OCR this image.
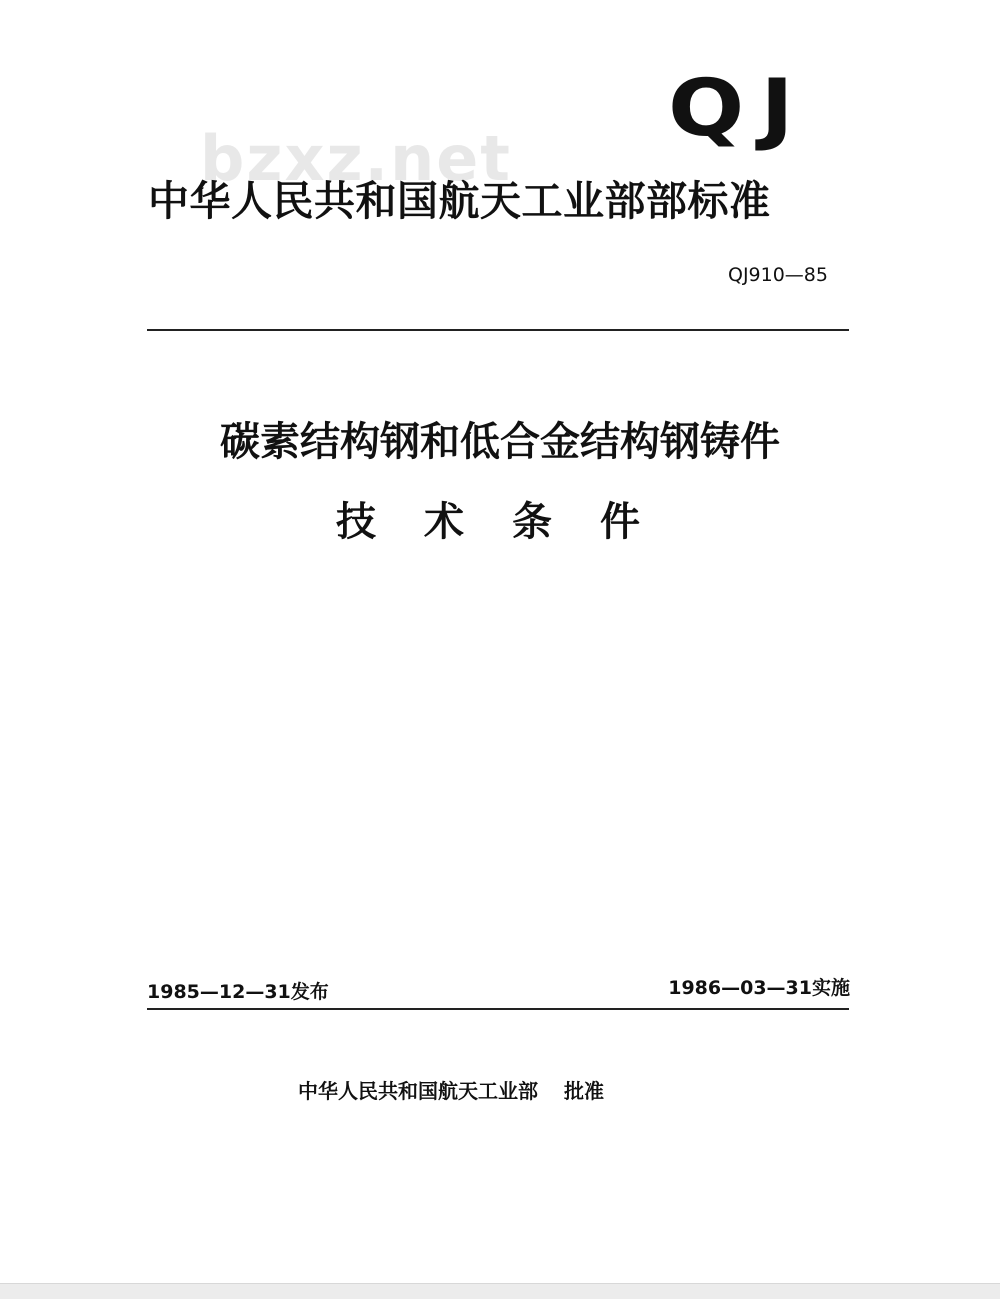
QJ
bzxz.net
中华人民共和国航天工业部部标准
QJ910—85
碳素结构钢和低合金结构钢铸件
技术条件
1985—12—31发布	1986—03—31实施
中华人民共和国航天工业部 批准
